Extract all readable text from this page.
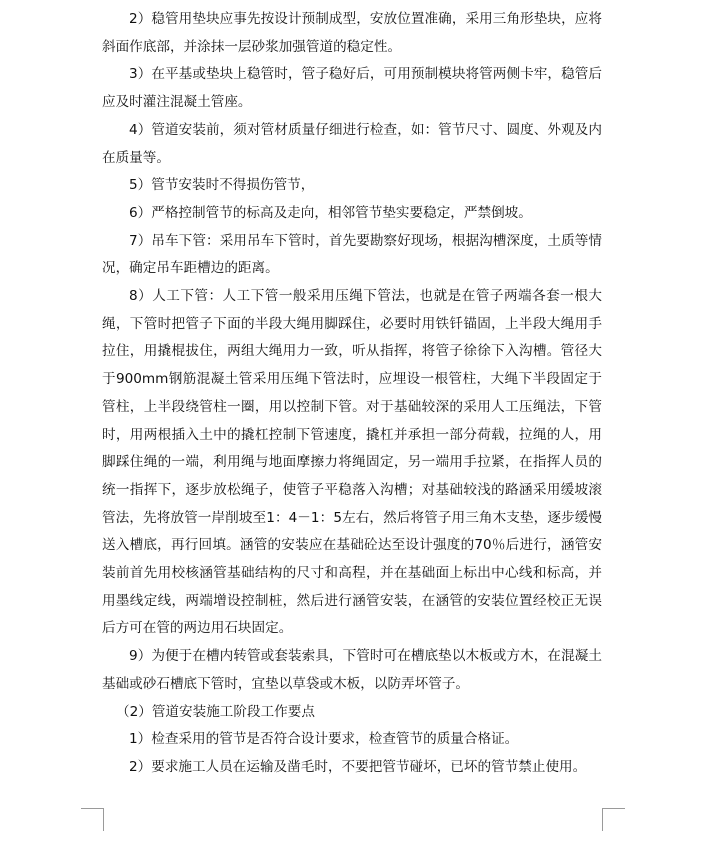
2）稳管用垫块应事先按设计预制成型，安放位置准确，采用三角形垫块，应将斜面作底部，并涂抹一层砂浆加强管道的稳定性。

3）在平基或垫块上稳管时，管子稳好后，可用预制模块将管两侧卡牢，稳管后应及时灌注混凝土管座。

4）管道安装前，须对管材质量仔细进行检查，如：管节尺寸、圆度、外观及内在质量等。

5）管节安装时不得损伤管节，

6）严格控制管节的标高及走向，相邻管节垫实要稳定，严禁倒坡。

7）吊车下管：采用吊车下管时，首先要勘察好现场，根据沟槽深度，土质等情况，确定吊车距槽边的距离。

8）人工下管：人工下管一般采用压绳下管法，也就是在管子两端各套一根大绳，下管时把管子下面的半段大绳用脚踩住，必要时用铁钎锚固，上半段大绳用手拉住，用撬棍拔住，两组大绳用力一致，听从指挥，将管子徐徐下入沟槽。管径大于900mm钢筋混凝土管采用压绳下管法时，应埋设一根管柱，大绳下半段固定于管柱，上半段绕管柱一圈，用以控制下管。对于基础较深的采用人工压绳法，下管时，用两根插入土中的撬杠控制下管速度，撬杠并承担一部分荷载，拉绳的人，用脚踩住绳的一端，利用绳与地面摩擦力将绳固定，另一端用手拉紧，在指挥人员的统一指挥下，逐步放松绳子，使管子平稳落入沟槽；对基础较浅的路涵采用缓坡滚管法，先将放管一岸削坡至1：4－1：5左右，然后将管子用三角木支垫，逐步缓慢送入槽底，再行回填。涵管的安装应在基础砼达至设计强度的70％后进行，涵管安装前首先用校核涵管基础结构的尺寸和高程，并在基础面上标出中心线和标高，并用墨线定线，两端增设控制桩，然后进行涵管安装，在涵管的安装位置经校正无误后方可在管的两边用石块固定。

9）为便于在槽内转管或套装索具，下管时可在槽底垫以木板或方木，在混凝土基础或砂石槽底下管时，宜垫以草袋或木板，以防弄坏管子。

（2）管道安装施工阶段工作要点

1）检查采用的管节是否符合设计要求，检查管节的质量合格证。

2）要求施工人员在运输及凿毛时，不要把管节碰坏，已坏的管节禁止使用。
